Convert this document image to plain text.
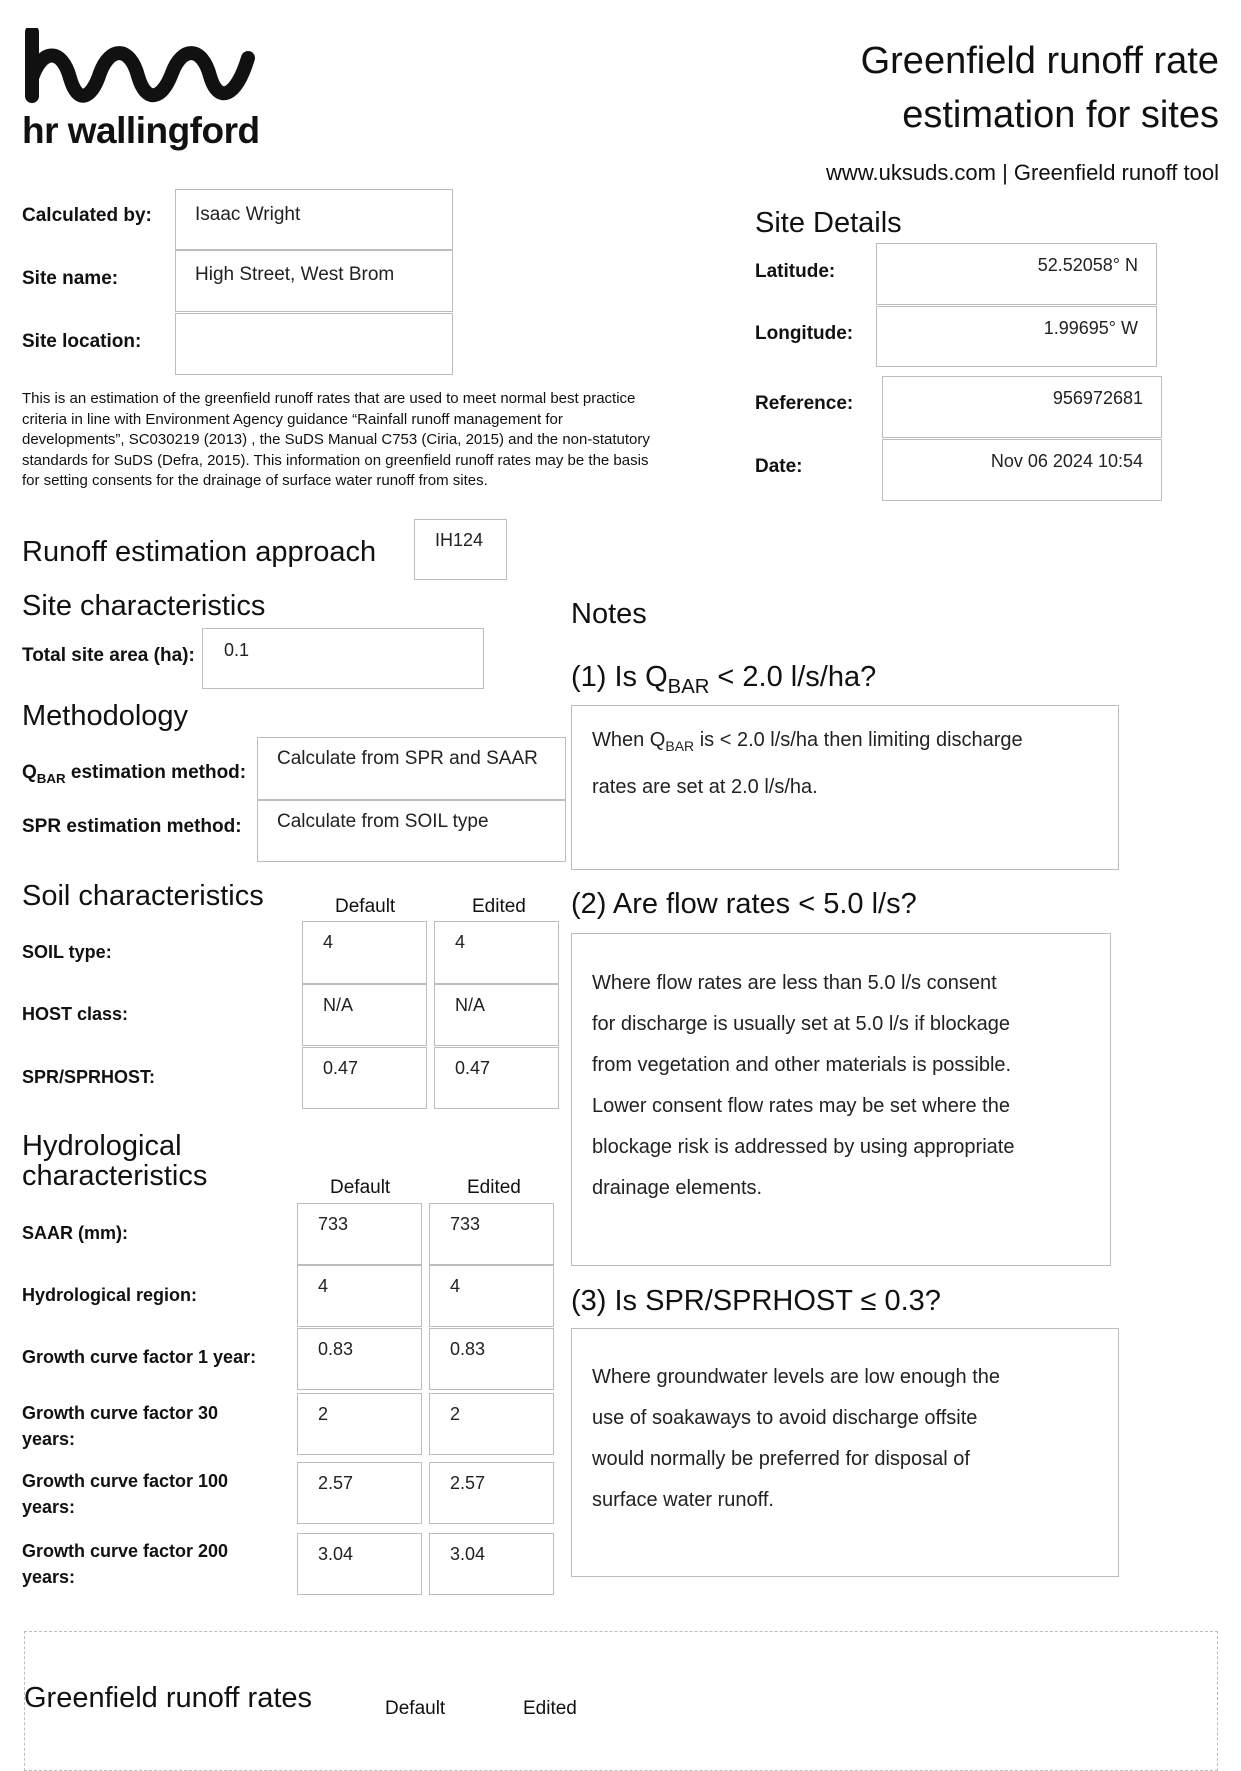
hr wallingford
Greenfield runoff rate
estimation for sites
www.uksuds.com | Greenfield runoff tool
Calculated by: Isaac Wright
Site name:	High Street, West Brom
Site location:
Site Details
Latitude:	52.52058° N
Longitude:	1.99695° W
Reference:	956972681
Date:	Nov 06 2024 10:54
This is an estimation of the greenfield runoff rates that are used to meet normal best practice
criteria in line with Environment Agency guidance “Rainfall runoff management for
developments”, SC030219 (2013) , the SuDS Manual C753 (Ciria, 2015) and the non-statutory
standards for SuDS (Defra, 2015). This information on greenfield runoff rates may be the basis
for setting consents for the drainage of surface water runoff from sites.
Runoff estimation approach	IH124
Site characteristics
Total site area (ha): 0.1
Methodology
$Q_{BAR}$ estimation method:
Calculate from SPR and SAAR
SPR estimation method: Calculate from SOIL type
Soil characteristics	Default	Edited
SOIL type:	4	4
HOST class:	N/A	N/A
SPR/SPRHOST:	0.47	0.47
Hydrological
characteristics	Default	Edited
SAAR (mm):	733	733
Hydrological region:	4	4
Growth curve factor 1 year:	0.83	0.83
Growth curve factor 30
years:
2	2
Growth curve factor 100
years:
2.57	2.57
Growth curve factor 200
years:
3.04	3.04
Notes
(1) Is $Q_{BAR} < 2.0$ l/s/ha?
When $Q_{BAR}$ is < 2.0 l/s/ha then limiting discharge
rates are set at 2.0 l/s/ha.
(2) Are flow rates < 5.0 l/s?
Where flow rates are less than 5.0 l/s consent
for discharge is usually set at 5.0 l/s if blockage
from vegetation and other materials is possible.
Lower consent flow rates may be set where the
blockage risk is addressed by using appropriate
drainage elements.
(3) Is SPR/SPRHOST ≤ 0.3?
Where groundwater levels are low enough the
use of soakaways to avoid discharge offsite
would normally be preferred for disposal of
surface water runoff.
Greenfield runoff rates	Default	Edited
